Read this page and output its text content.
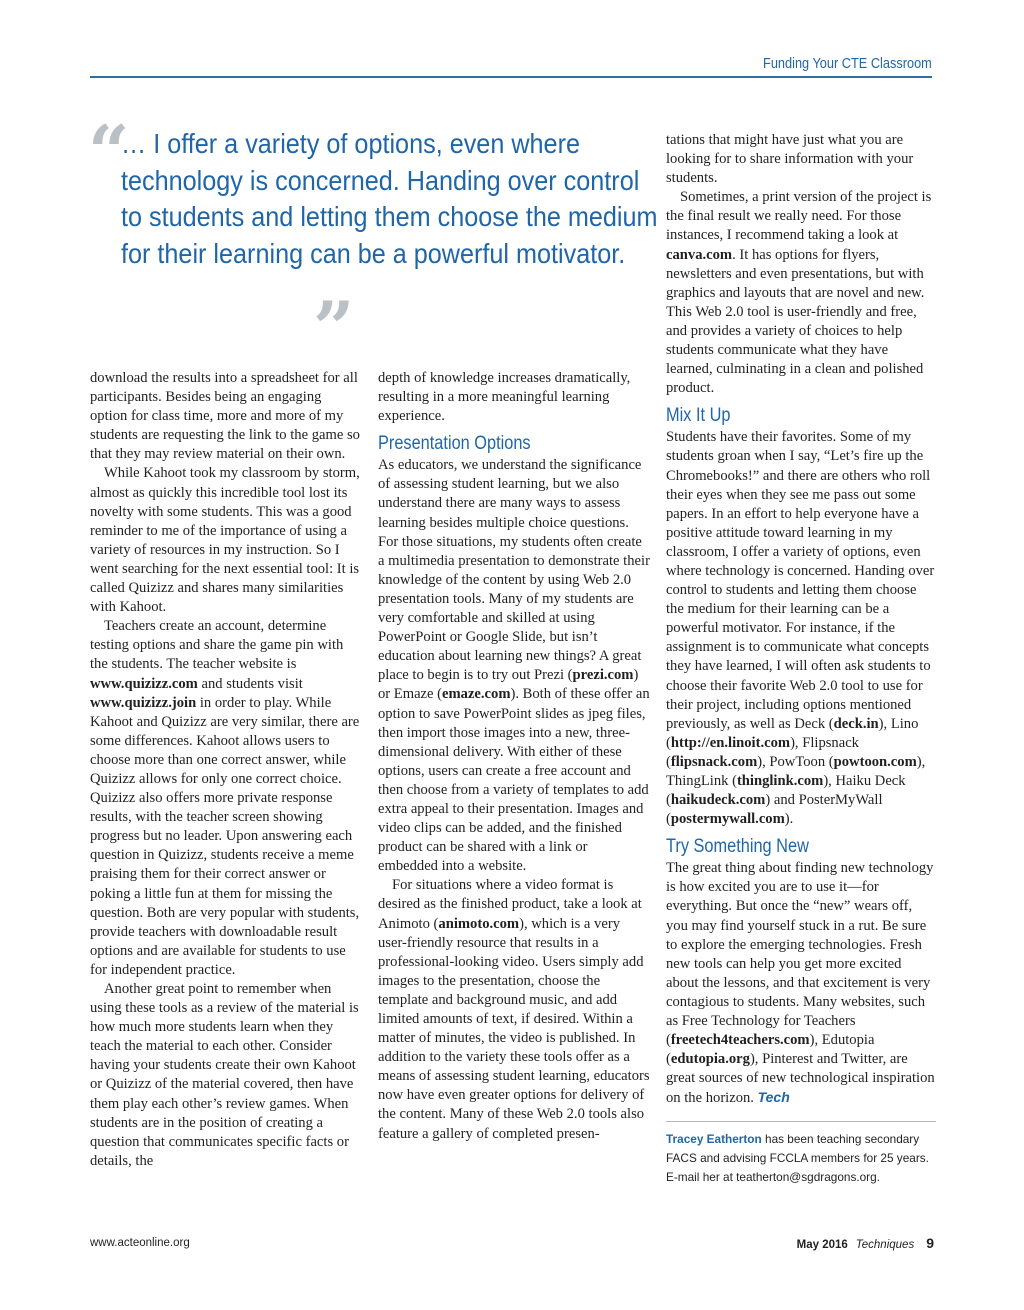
Funding Your CTE Classroom
“
… I offer a variety of options, even where technology is concerned. Handing over control to students and letting them choose the medium for their learning can be a powerful motivator.
”

download the results into a spreadsheet for all participants. Besides being an engaging option for class time, more and more of my students are requesting the link to the game so that they may review material on their own.

While Kahoot took my classroom by storm, almost as quickly this incredible tool lost its novelty with some students. This was a good reminder to me of the importance of using a variety of resources in my instruction. So I went searching for the next essential tool: It is called Quizizz and shares many similarities with Kahoot.

Teachers create an account, determine testing options and share the game pin with the students. The teacher website is www.quizizz.com and students visit www.quizizz.join in order to play. While Kahoot and Quizizz are very similar, there are some differences. Kahoot allows users to choose more than one correct answer, while Quizizz allows for only one correct choice. Quizizz also offers more private response results, with the teacher screen showing progress but no leader. Upon answering each question in Quizizz, students receive a meme praising them for their correct answer or poking a little fun at them for missing the question. Both are very popular with students, provide teachers with downloadable result options and are available for students to use for independent practice.

Another great point to remember when using these tools as a review of the material is how much more students learn when they teach the material to each other. Consider having your students create their own Kahoot or Quizizz of the material covered, then have them play each other’s review games. When students are in the position of creating a question that communicates specific facts or details, the

depth of knowledge increases dramatically, resulting in a more meaningful learning experience.

Presentation Options

As educators, we understand the significance of assessing student learning, but we also understand there are many ways to assess learning besides multiple choice questions. For those situations, my students often create a multimedia presentation to demonstrate their knowledge of the content by using Web 2.0 presentation tools. Many of my students are very comfortable and skilled at using PowerPoint or Google Slide, but isn’t education about learning new things? A great place to begin is to try out Prezi (prezi.com) or Emaze (emaze.com). Both of these offer an option to save PowerPoint slides as jpeg files, then import those images into a new, three-dimensional delivery. With either of these options, users can create a free account and then choose from a variety of templates to add extra appeal to their presentation. Images and video clips can be added, and the finished product can be shared with a link or embedded into a website.

For situations where a video format is desired as the finished product, take a look at Animoto (animoto.com), which is a very user-friendly resource that results in a professional-looking video. Users simply add images to the presentation, choose the template and background music, and add limited amounts of text, if desired. Within a matter of minutes, the video is published. In addition to the variety these tools offer as a means of assessing student learning, educators now have even greater options for delivery of the content. Many of these Web 2.0 tools also feature a gallery of completed presen-

tations that might have just what you are looking for to share information with your students.

Sometimes, a print version of the project is the final result we really need. For those instances, I recommend taking a look at canva.com. It has options for flyers, newsletters and even presentations, but with graphics and layouts that are novel and new. This Web 2.0 tool is user-friendly and free, and provides a variety of choices to help students communicate what they have learned, culminating in a clean and polished product.

Mix It Up

Students have their favorites. Some of my students groan when I say, “Let’s fire up the Chromebooks!” and there are others who roll their eyes when they see me pass out some papers. In an effort to help everyone have a positive attitude toward learning in my classroom, I offer a variety of options, even where technology is concerned. Handing over control to students and letting them choose the medium for their learning can be a powerful motivator. For instance, if the assignment is to communicate what concepts they have learned, I will often ask students to choose their favorite Web 2.0 tool to use for their project, including options mentioned previously, as well as Deck (deck.in), Lino (http://en.linoit.com), Flipsnack (flipsnack.com), PowToon (powtoon.com), ThingLink (thinglink.com), Haiku Deck (haikudeck.com) and PosterMyWall (postermywall.com).

Try Something New

The great thing about finding new technology is how excited you are to use it—for everything. But once the “new” wears off, you may find yourself stuck in a rut. Be sure to explore the emerging technologies. Fresh new tools can help you get more excited about the lessons, and that excitement is very contagious to students. Many websites, such as Free Technology for Teachers (freetech4teachers.com), Edutopia (edutopia.org), Pinterest and Twitter, are great sources of new technological inspiration on the horizon. Tech

Tracey Eatherton has been teaching secondary FACS and advising FCCLA members for 25 years. E-mail her at teatherton@sgdragons.org.

www.acteonline.org	May 2016 Techniques 9
